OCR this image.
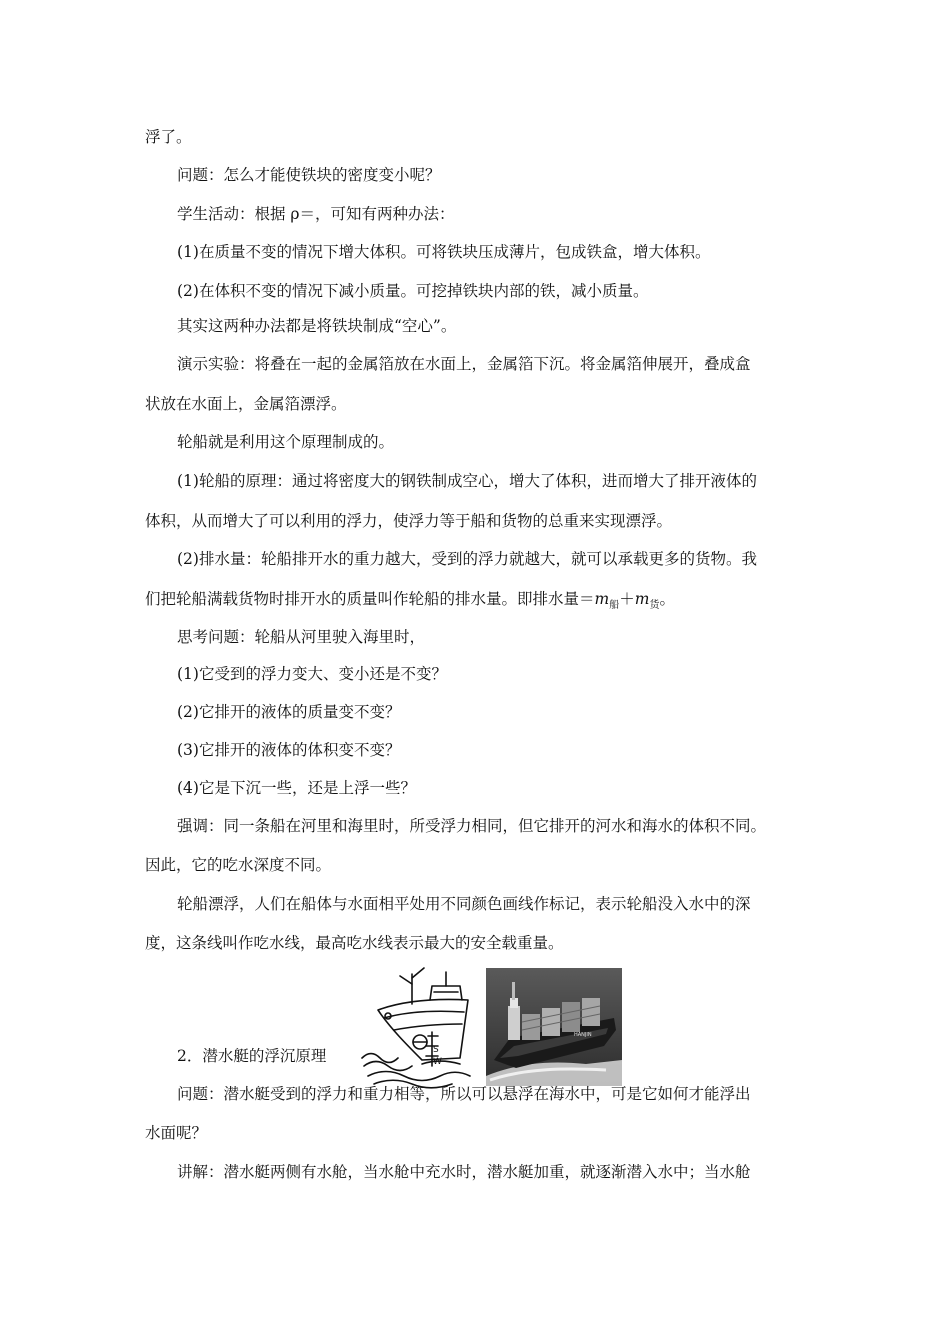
浮了。
问题：怎么才能使铁块的密度变小呢？
学生活动：根据 ρ＝，可知有两种办法：
(1)在质量不变的情况下增大体积。可将铁块压成薄片，包成铁盒，增大体积。
(2)在体积不变的情况下减小质量。可挖掉铁块内部的铁，减小质量。
其实这两种办法都是将铁块制成“空心”。
演示实验：将叠在一起的金属箔放在水面上，金属箔下沉。将金属箔伸展开，叠成盒
状放在水面上，金属箔漂浮。
轮船就是利用这个原理制成的。
(1)轮船的原理：通过将密度大的钢铁制成空心，增大了体积，进而增大了排开液体的
体积，从而增大了可以利用的浮力，使浮力等于船和货物的总重来实现漂浮。
(2)排水量：轮船排开水的重力越大，受到的浮力就越大，就可以承载更多的货物。我
们把轮船满载货物时排开水的质量叫作轮船的排水量。即排水量$=m_船+m_货$。
思考问题：轮船从河里驶入海里时，
(1)它受到的浮力变大、变小还是不变？
(2)它排开的液体的质量变不变？
(3)它排开的液体的体积变不变？
(4)它是下沉一些，还是上浮一些？
强调：同一条船在河里和海里时，所受浮力相同，但它排开的河水和海水的体积不同。
因此，它的吃水深度不同。
轮船漂浮，人们在船体与水面相平处用不同颜色画线作标记，表示轮船没入水中的深
度，这条线叫作吃水线，最高吃水线表示最大的安全载重量。
S
W
HANJIN
2．潜水艇的浮沉原理
问题：潜水艇受到的浮力和重力相等，所以可以悬浮在海水中，可是它如何才能浮出
水面呢？
讲解：潜水艇两侧有水舱，当水舱中充水时，潜水艇加重，就逐渐潜入水中；当水舱
